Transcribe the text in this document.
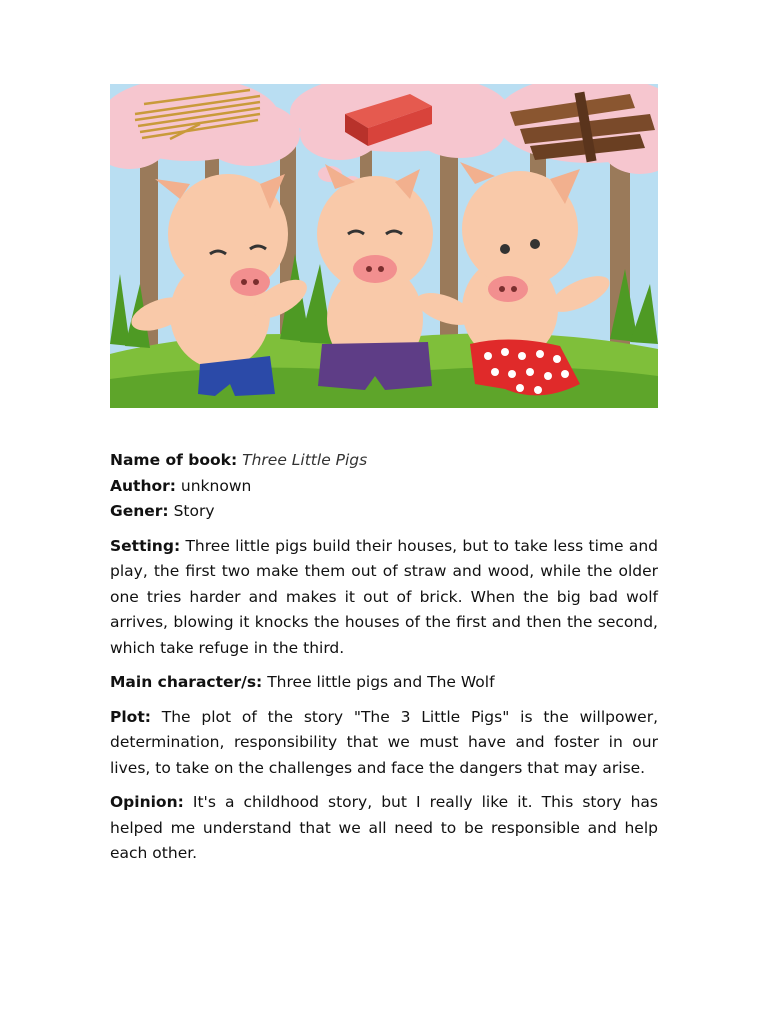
Name of book: Three Little Pigs

Author: unknown

Gener: Story

Setting: Three little pigs build their houses, but to take less time and play, the first two make them out of straw and wood, while the older one tries harder and makes it out of brick. When the big bad wolf arrives, blowing it knocks the houses of the first and then the second, which take refuge in the third.

Main character/s: Three little pigs and The Wolf

Plot: The plot of the story "The 3 Little Pigs" is the willpower, determination, responsibility that we must have and foster in our lives, to take on the challenges and face the dangers that may arise.

Opinion: It's a childhood story, but I really like it. This story has helped me understand that we all need to be responsible and help each other.
